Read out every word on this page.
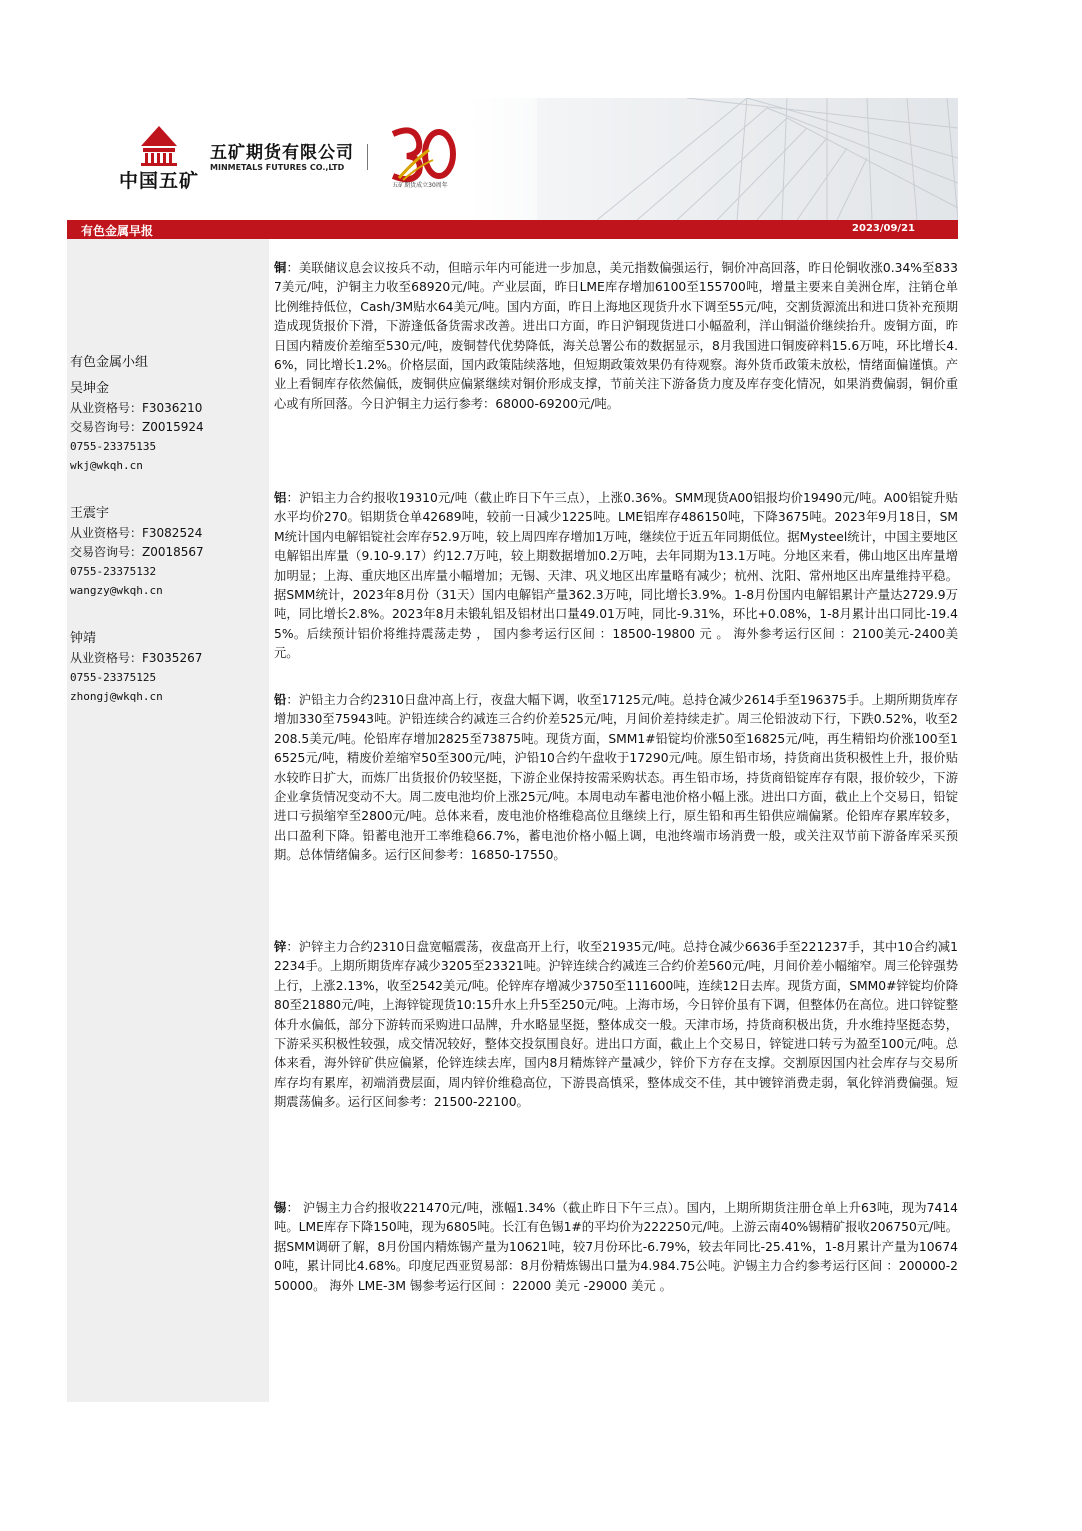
中国五矿
五矿期货有限公司
MINMETALS FUTURES CO.,LTD
五矿期货成立30周年
有色金属早报	2023/09/21
有色金属小组
吴坤金
从业资格号：F3036210
交易咨询号：Z0015924
0755-23375135
wkj@wkqh.cn
王震宇
从业资格号：F3082524
交易咨询号：Z0018567
0755-23375132
wangzy@wkqh.cn
钟靖
从业资格号：F3035267
0755-23375125
zhongj@wkqh.cn
铜：美联储议息会议按兵不动，但暗示年内可能进一步加息，美元指数偏强运行，铜价冲高回落，昨日伦铜收涨0.34%至8337美元/吨，沪铜主力收至68920元/吨。产业层面，昨日LME库存增加6100至155700吨，增量主要来自美洲仓库，注销仓单比例维持低位，Cash/3M贴水64美元/吨。国内方面，昨日上海地区现货升水下调至55元/吨，交割货源流出和进口货补充预期造成现货报价下滑，下游逢低备货需求改善。进出口方面，昨日沪铜现货进口小幅盈利，洋山铜溢价继续抬升。废铜方面，昨日国内精废价差缩至530元/吨，废铜替代优势降低，海关总署公布的数据显示，8月我国进口铜废碎料15.6万吨，环比增长4.6%，同比增长1.2%。价格层面，国内政策陆续落地，但短期政策效果仍有待观察。海外货币政策未放松，情绪面偏谨慎。产业上看铜库存依然偏低，废铜供应偏紧继续对铜价形成支撑，节前关注下游备货力度及库存变化情况，如果消费偏弱，铜价重心或有所回落。今日沪铜主力运行参考：68000-69200元/吨。
铝：沪铝主力合约报收19310元/吨（截止昨日下午三点），上涨0.36%。SMM现货A00铝报均价19490元/吨。A00铝锭升贴水平均价270。铝期货仓单42689吨，较前一日减少1225吨。LME铝库存486150吨，下降3675吨。2023年9月18日，SMM统计国内电解铝锭社会库存52.9万吨，较上周四库存增加1万吨，继续位于近五年同期低位。据Mysteel统计，中国主要地区电解铝出库量（9.10-9.17）约12.7万吨，较上期数据增加0.2万吨，去年同期为13.1万吨。分地区来看，佛山地区出库量增加明显；上海、重庆地区出库量小幅增加；无锡、天津、巩义地区出库量略有减少；杭州、沈阳、常州地区出库量维持平稳。据SMM统计，2023年8月份（31天）国内电解铝产量362.3万吨，同比增长3.9%。1-8月份国内电解铝累计产量达2729.9万吨，同比增长2.8%。2023年8月未锻轧铝及铝材出口量49.01万吨，同比-9.31%，环比+0.08%，1-8月累计出口同比-19.45%。后续预计铝价将维持震荡走势 ， 国内参考运行区间 ：18500-19800 元 。 海外参考运行区间 ：2100美元-2400美元。
铅：沪铅主力合约2310日盘冲高上行，夜盘大幅下调，收至17125元/吨。总持仓减少2614手至196375手。上期所期货库存增加330至75943吨。沪铅连续合约减连三合约价差525元/吨，月间价差持续走扩。周三伦铅波动下行，下跌0.52%，收至2208.5美元/吨。伦铅库存增加2825至73875吨。现货方面，SMM1#铅锭均价涨50至16825元/吨，再生精铅均价涨100至16525元/吨，精废价差缩窄50至300元/吨，沪铅10合约午盘收于17290元/吨。原生铅市场，持货商出货积极性上升，报价贴水较昨日扩大，而炼厂出货报价仍较坚挺，下游企业保持按需采购状态。再生铅市场，持货商铅锭库存有限，报价较少，下游企业拿货情况变动不大。周二废电池均价上涨25元/吨。本周电动车蓄电池价格小幅上涨。进出口方面，截止上个交易日，铅锭进口亏损缩窄至2800元/吨。总体来看，废电池价格维稳高位且继续上行，原生铅和再生铅供应端偏紧。伦铅库存累库较多，出口盈利下降。铅蓄电池开工率维稳66.7%，蓄电池价格小幅上调，电池终端市场消费一般，或关注双节前下游备库采买预期。总体情绪偏多。运行区间参考：16850-17550。
锌：沪锌主力合约2310日盘宽幅震荡，夜盘高开上行，收至21935元/吨。总持仓减少6636手至221237手，其中10合约减12234手。上期所期货库存减少3205至23321吨。沪锌连续合约减连三合约价差560元/吨，月间价差小幅缩窄。周三伦锌强势上行，上涨2.13%，收至2542美元/吨。伦锌库存增减少3750至111600吨，连续12日去库。现货方面，SMM0#锌锭均价降80至21880元/吨，上海锌锭现货10:15升水上升5至250元/吨。上海市场，今日锌价虽有下调，但整体仍在高位。进口锌锭整体升水偏低，部分下游转而采购进口品牌，升水略显坚挺，整体成交一般。天津市场，持货商积极出货，升水维持坚挺态势，下游采买积极性较强，成交情况较好，整体交投氛围良好。进出口方面，截止上个交易日，锌锭进口转亏为盈至100元/吨。总体来看，海外锌矿供应偏紧，伦锌连续去库，国内8月精炼锌产量减少，锌价下方存在支撑。交割原因国内社会库存与交易所库存均有累库，初端消费层面，周内锌价维稳高位，下游畏高慎采，整体成交不佳，其中镀锌消费走弱，氧化锌消费偏强。短期震荡偏多。运行区间参考：21500-22100。
锡： 沪锡主力合约报收221470元/吨，涨幅1.34%（截止昨日下午三点）。国内，上期所期货注册仓单上升63吨，现为7414吨。LME库存下降150吨，现为6805吨。长江有色锡1#的平均价为222250元/吨。上游云南40%锡精矿报收206750元/吨。据SMM调研了解，8月份国内精炼锡产量为10621吨，较7月份环比-6.79%，较去年同比-25.41%，1-8月累计产量为106740吨，累计同比4.68%。印度尼西亚贸易部：8月份精炼锡出口量为4.984.75公吨。沪锡主力合约参考运行区间 ：200000-250000。 海外 LME-3M 锡参考运行区间 ：22000 美元 -29000 美元 。
